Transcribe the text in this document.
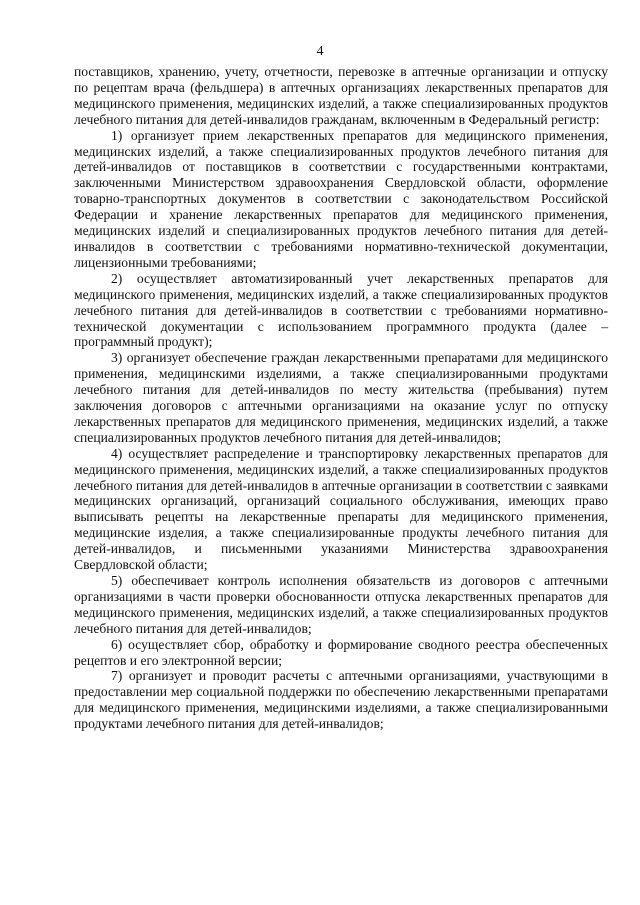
4

поставщиков, хранению, учету, отчетности, перевозке в аптечные организации и отпуску по рецептам врача (фельдшера) в аптечных организациях лекарственных препаратов для медицинского применения, медицинских изделий, а также специализированных продуктов лечебного питания для детей-инвалидов гражданам, включенным в Федеральный регистр:

1) организует прием лекарственных препаратов для медицинского применения, медицинских изделий, а также специализированных продуктов лечебного питания для детей-инвалидов от поставщиков в соответствии с государственными контрактами, заключенными Министерством здравоохранения Свердловской области, оформление товарно-транспортных документов в соответствии с законодательством Российской Федерации и хранение лекарственных препаратов для медицинского применения, медицинских изделий и специализированных продуктов лечебного питания для детей-инвалидов в соответствии с требованиями нормативно-технической документации, лицензионными требованиями;

2) осуществляет автоматизированный учет лекарственных препаратов для медицинского применения, медицинских изделий, а также специализированных продуктов лечебного питания для детей-инвалидов в соответствии с требованиями нормативно-технической документации с использованием программного продукта (далее – программный продукт);

3) организует обеспечение граждан лекарственными препаратами для медицинского применения, медицинскими изделиями, а также специализированными продуктами лечебного питания для детей-инвалидов по месту жительства (пребывания) путем заключения договоров с аптечными организациями на оказание услуг по отпуску лекарственных препаратов для медицинского применения, медицинских изделий, а также специализированных продуктов лечебного питания для детей-инвалидов;

4) осуществляет распределение и транспортировку лекарственных препаратов для медицинского применения, медицинских изделий, а также специализированных продуктов лечебного питания для детей-инвалидов в аптечные организации в соответствии с заявками медицинских организаций, организаций социального обслуживания, имеющих право выписывать рецепты на лекарственные препараты для медицинского применения, медицинские изделия, а также специализированные продукты лечебного питания для детей-инвалидов, и письменными указаниями Министерства здравоохранения Свердловской области;

5) обеспечивает контроль исполнения обязательств из договоров с аптечными организациями в части проверки обоснованности отпуска лекарственных препаратов для медицинского применения, медицинских изделий, а также специализированных продуктов лечебного питания для детей-инвалидов;

6) осуществляет сбор, обработку и формирование сводного реестра обеспеченных рецептов и его электронной версии;

7) организует и проводит расчеты с аптечными организациями, участвующими в предоставлении мер социальной поддержки по обеспечению лекарственными препаратами для медицинского применения, медицинскими изделиями, а также специализированными продуктами лечебного питания для детей-инвалидов;
